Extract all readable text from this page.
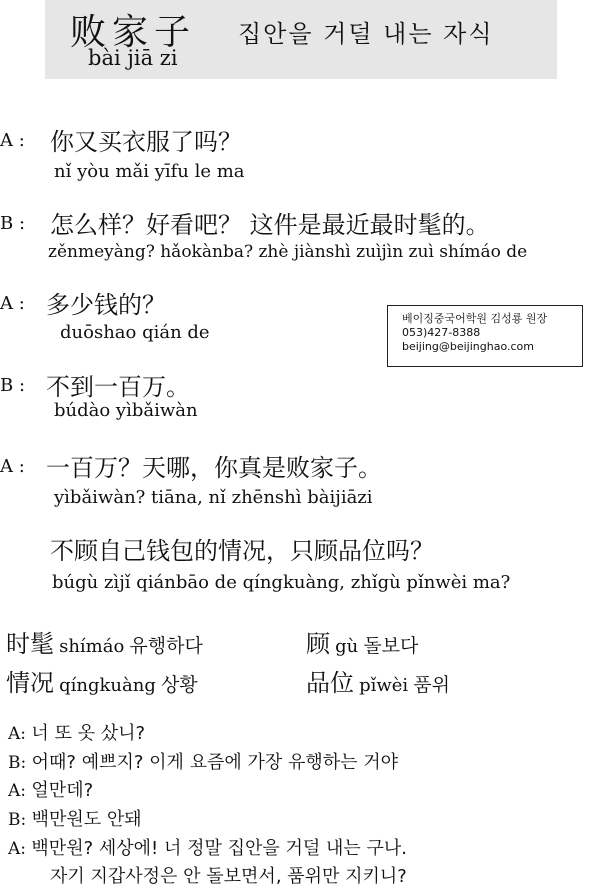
败家子 집안을 거덜 내는 자식
bài jiā zi
A : 你又买衣服了吗？
nǐ yòu mǎi yīfu le ma
B : 怎么样？好看吧？ 这件是最近最时髦的。
zěnmeyàng? hǎokànba? zhè jiànshì zuìjìn zuì shímáo de
A : 多少钱的？
duōshao qián de
베이징중국어학원 김성룡 원장
053)427-8388
beijing@beijinghao.com
B : 不到一百万。
búdào yìbǎiwàn
A : 一百万？天哪，你真是败家子。
yìbǎiwàn? tiāna, nǐ zhēnshì bàijiāzi
不顾自己钱包的情况，只顾品位吗？
búgù zìjǐ qiánbāo de qíngkuàng, zhǐgù pǐnwèi ma?
时髦 shímáo 유행하다	顾 gù 돌보다
情况 qíngkuàng 상황	品位 pǐwèi 품위
A: 너 또 옷 샀니?
B: 어때? 예쁘지? 이게 요즘에 가장 유행하는 거야
A: 얼만데?
B: 백만원도 안돼
A: 백만원? 세상에! 너 정말 집안을 거덜 내는 구나.
자기 지갑사정은 안 돌보면서, 품위만 지키니?
